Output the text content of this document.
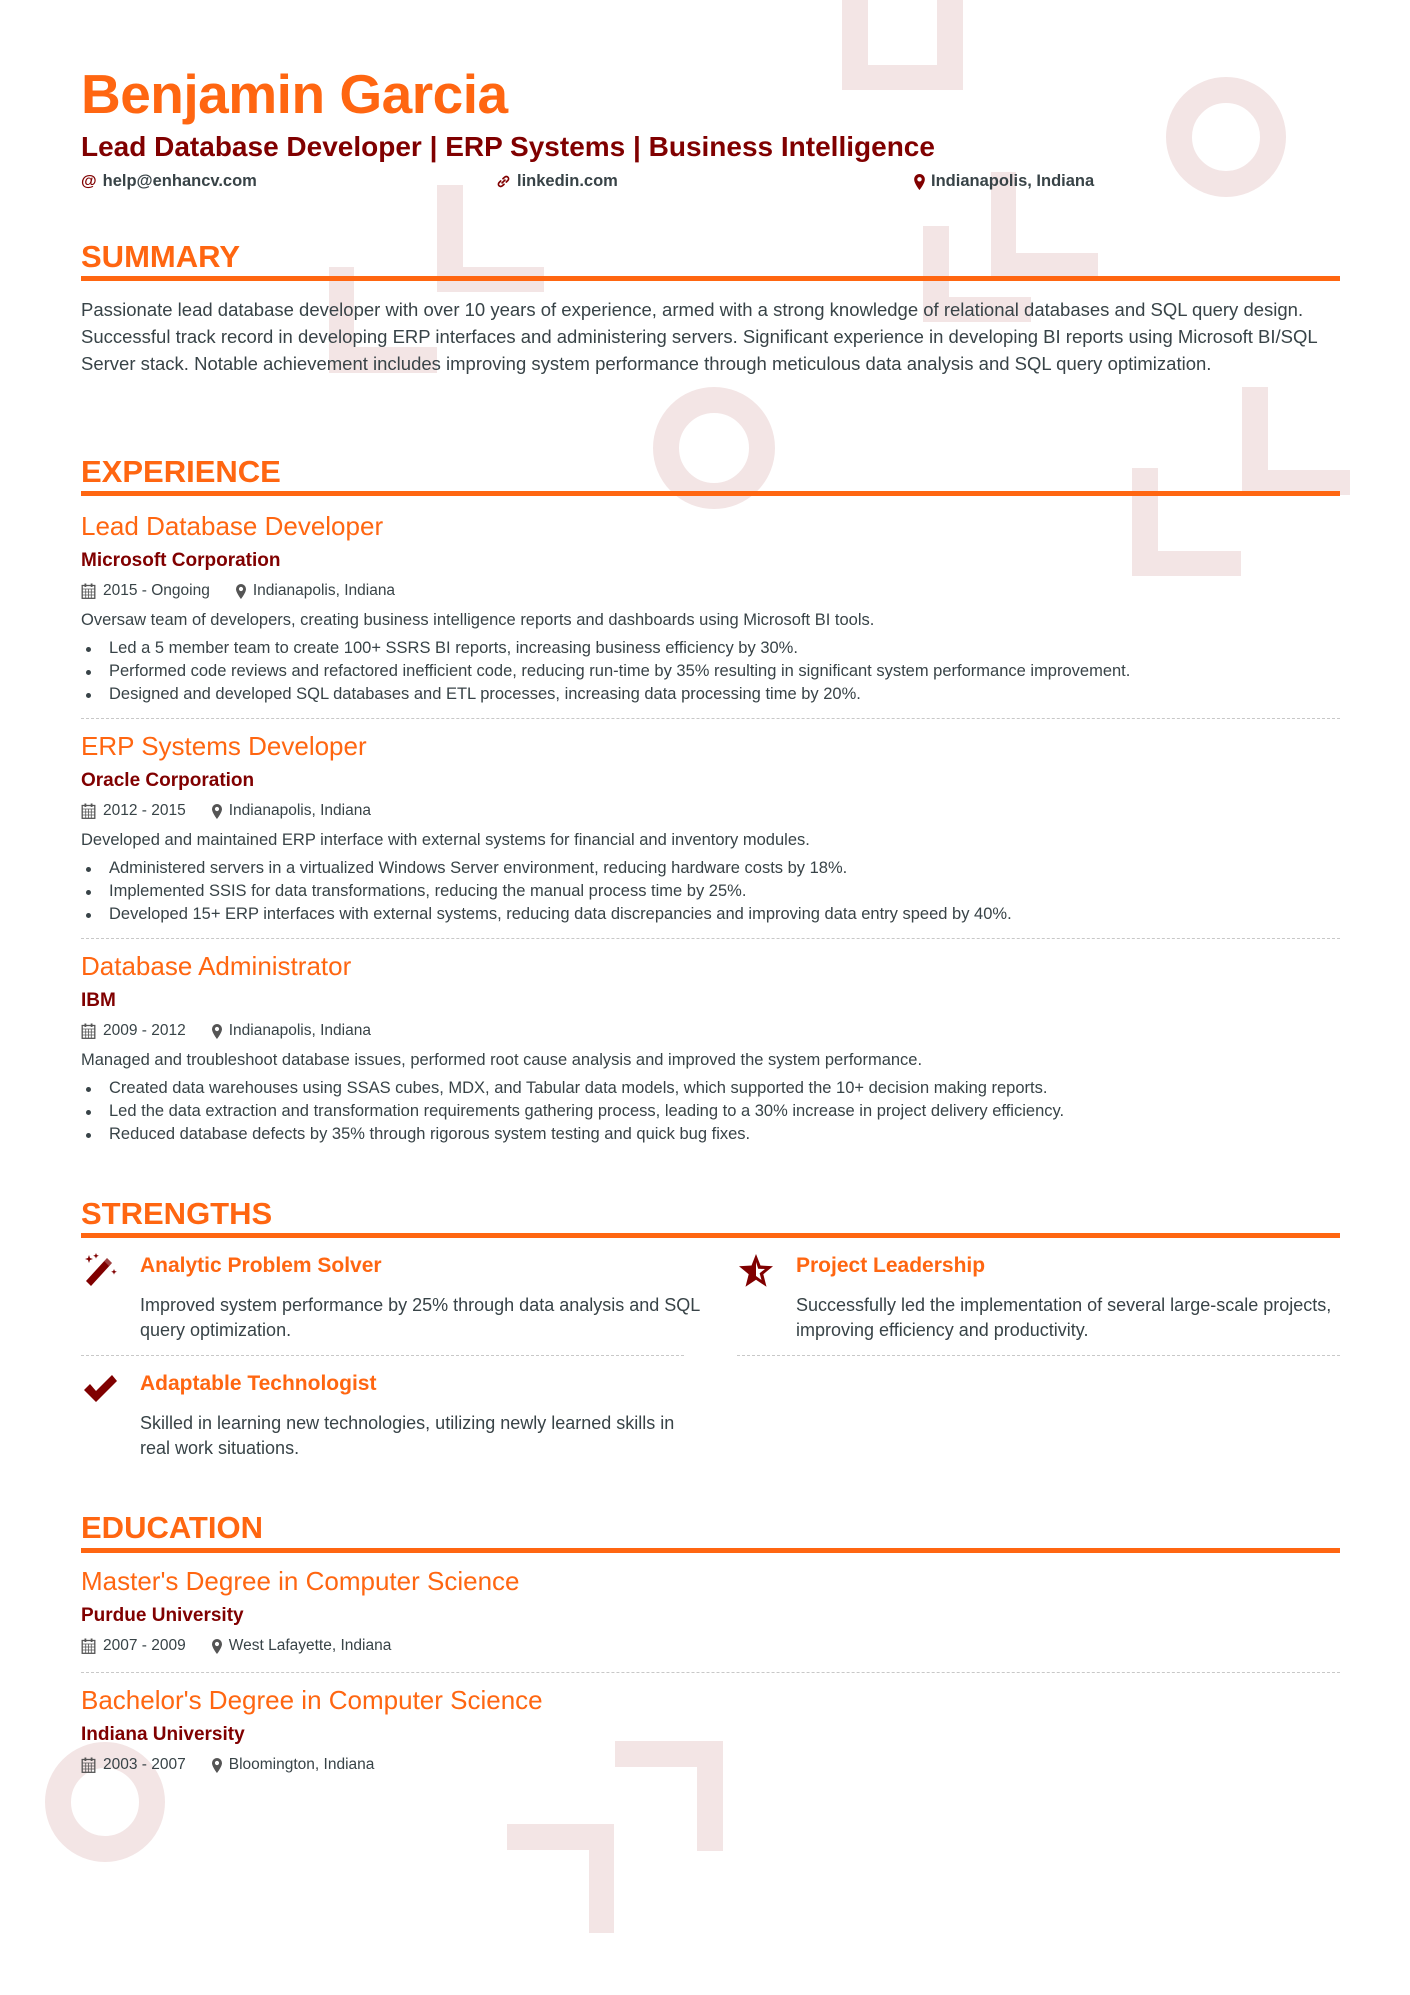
Benjamin Garcia
Lead Database Developer | ERP Systems | Business Intelligence
@ help@enhancv.com	linkedin.com	Indianapolis, Indiana
SUMMARY
Passionate lead database developer with over 10 years of experience, armed with a strong knowledge of relational databases and SQL query design. Successful track record in developing ERP interfaces and administering servers. Significant experience in developing BI reports using Microsoft BI/SQL Server stack. Notable achievement includes improving system performance through meticulous data analysis and SQL query optimization.
EXPERIENCE
Lead Database Developer
Microsoft Corporation
2015 - Ongoing	Indianapolis, Indiana
Oversaw team of developers, creating business intelligence reports and dashboards using Microsoft BI tools.
Led a 5 member team to create 100+ SSRS BI reports, increasing business efficiency by 30%.
Performed code reviews and refactored inefficient code, reducing run-time by 35% resulting in significant system performance improvement.
Designed and developed SQL databases and ETL processes, increasing data processing time by 20%.
ERP Systems Developer
Oracle Corporation
2012 - 2015	Indianapolis, Indiana
Developed and maintained ERP interface with external systems for financial and inventory modules.
Administered servers in a virtualized Windows Server environment, reducing hardware costs by 18%.
Implemented SSIS for data transformations, reducing the manual process time by 25%.
Developed 15+ ERP interfaces with external systems, reducing data discrepancies and improving data entry speed by 40%.
Database Administrator
IBM
2009 - 2012	Indianapolis, Indiana
Managed and troubleshoot database issues, performed root cause analysis and improved the system performance.
Created data warehouses using SSAS cubes, MDX, and Tabular data models, which supported the 10+ decision making reports.
Led the data extraction and transformation requirements gathering process, leading to a 30% increase in project delivery efficiency.
Reduced database defects by 35% through rigorous system testing and quick bug fixes.
STRENGTHS
Analytic Problem Solver
Improved system performance by 25% through data analysis and SQL query optimization.
Project Leadership
Successfully led the implementation of several large-scale projects, improving efficiency and productivity.
Adaptable Technologist
Skilled in learning new technologies, utilizing newly learned skills in real work situations.
EDUCATION
Master's Degree in Computer Science
Purdue University
2007 - 2009	West Lafayette, Indiana
Bachelor's Degree in Computer Science
Indiana University
2003 - 2007	Bloomington, Indiana
